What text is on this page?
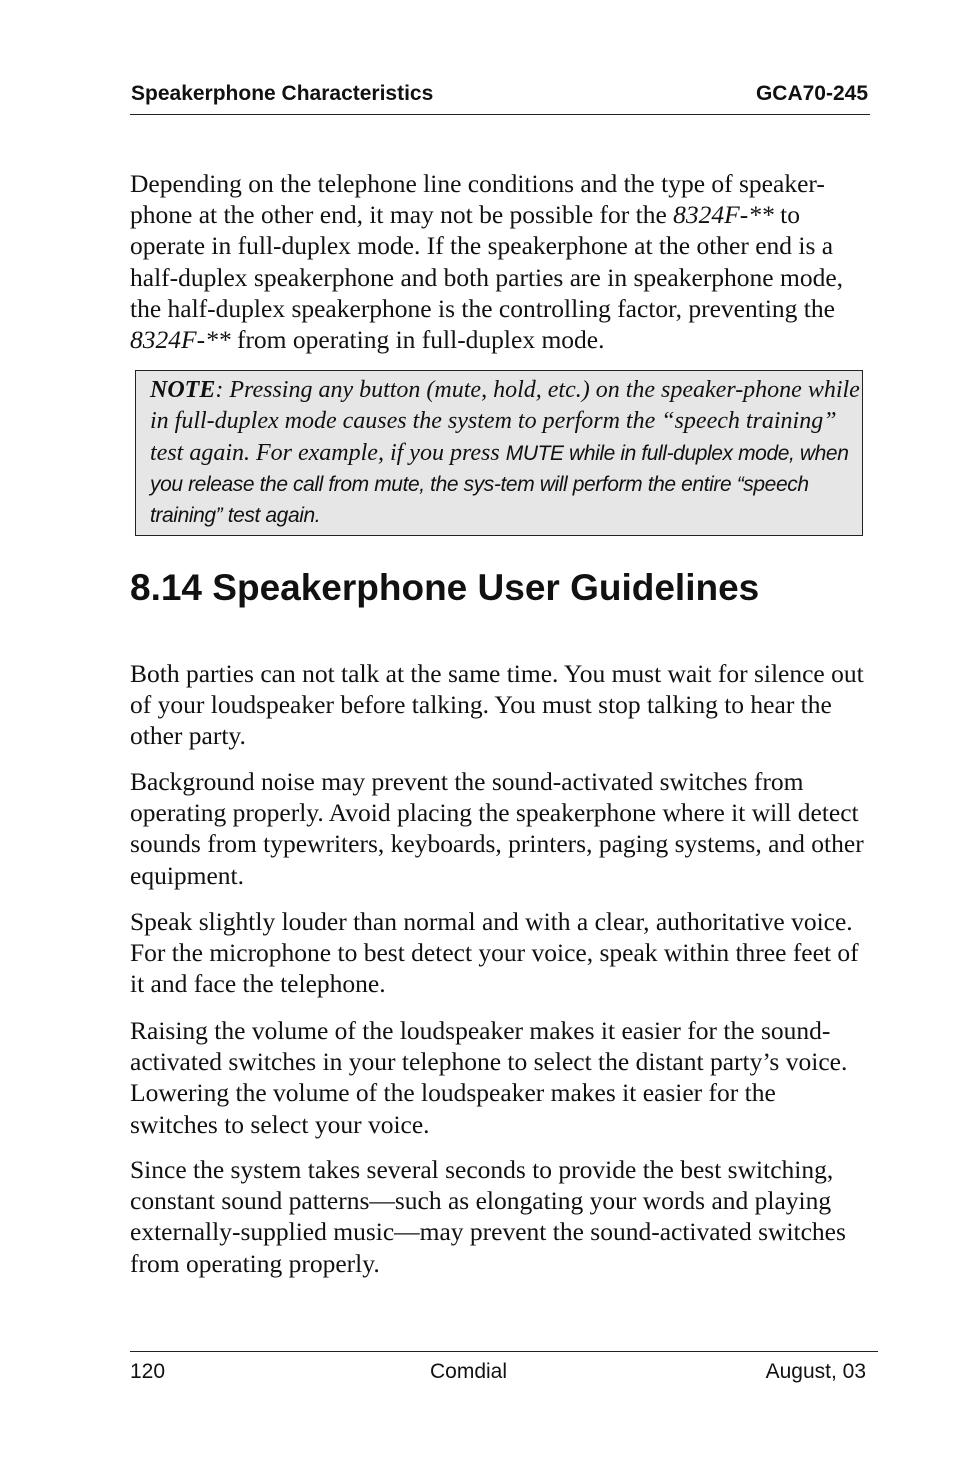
Speakerphone Characteristics	GCA70-245

Depending on the telephone line conditions and the type of speaker-phone at the other end, it may not be possible for the 8324F-** to operate in full-duplex mode. If the speakerphone at the other end is a half-duplex speakerphone and both parties are in speakerphone mode, the half-duplex speakerphone is the controlling factor, preventing the 8324F-** from operating in full-duplex mode.

NOTE: Pressing any button (mute, hold, etc.) on the speaker-phone while in full-duplex mode causes the system to perform the “speech training” test again. For example, if you press MUTE while in full-duplex mode, when you release the call from mute, the sys-tem will perform the entire “speech training” test again.
8.14 Speakerphone User Guidelines

Both parties can not talk at the same time. You must wait for silence out of your loudspeaker before talking. You must stop talking to hear the other party.

Background noise may prevent the sound-activated switches from operating properly. Avoid placing the speakerphone where it will detect sounds from typewriters, keyboards, printers, paging systems, and other equipment.

Speak slightly louder than normal and with a clear, authoritative voice. For the microphone to best detect your voice, speak within three feet of it and face the telephone.

Raising the volume of the loudspeaker makes it easier for the sound-activated switches in your telephone to select the distant party’s voice. Lowering the volume of the loudspeaker makes it easier for the switches to select your voice.

Since the system takes several seconds to provide the best switching, constant sound patterns—such as elongating your words and playing externally-supplied music—may prevent the sound-activated switches from operating properly.

120	Comdial	August, 03
